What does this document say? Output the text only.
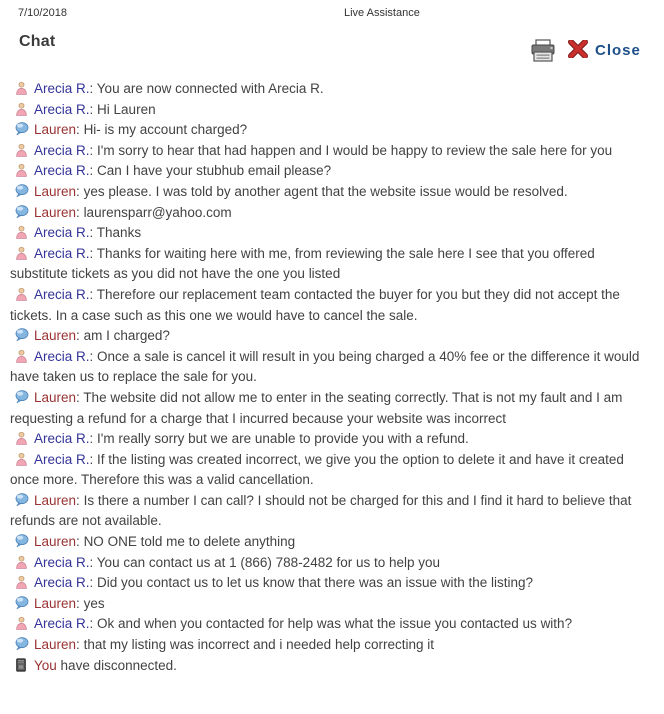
7/10/2018	Live Assistance
Chat
Close
Arecia R.: You are now connected with Arecia R.
Arecia R.: Hi Lauren
Lauren: Hi- is my account charged?
Arecia R.: I'm sorry to hear that had happen and I would be happy to review the sale here for you
Arecia R.: Can I have your stubhub email please?
Lauren: yes please. I was told by another agent that the website issue would be resolved.
Lauren: laurensparr@yahoo.com
Arecia R.: Thanks
Arecia R.: Thanks for waiting here with me, from reviewing the sale here I see that you offered substitute tickets as you did not have the one you listed
Arecia R.: Therefore our replacement team contacted the buyer for you but they did not accept the tickets. In a case such as this one we would have to cancel the sale.
Lauren: am I charged?
Arecia R.: Once a sale is cancel it will result in you being charged a 40% fee or the difference it would have taken us to replace the sale for you.
Lauren: The website did not allow me to enter in the seating correctly. That is not my fault and I am requesting a refund for a charge that I incurred because your website was incorrect
Arecia R.: I'm really sorry but we are unable to provide you with a refund.
Arecia R.: If the listing was created incorrect, we give you the option to delete it and have it created once more. Therefore this was a valid cancellation.
Lauren: Is there a number I can call? I should not be charged for this and I find it hard to believe that refunds are not available.
Lauren: NO ONE told me to delete anything
Arecia R.: You can contact us at 1 (866) 788-2482 for us to help you
Arecia R.: Did you contact us to let us know that there was an issue with the listing?
Lauren: yes
Arecia R.: Ok and when you contacted for help was what the issue you contacted us with?
Lauren: that my listing was incorrect and i needed help correcting it
You have disconnected.
